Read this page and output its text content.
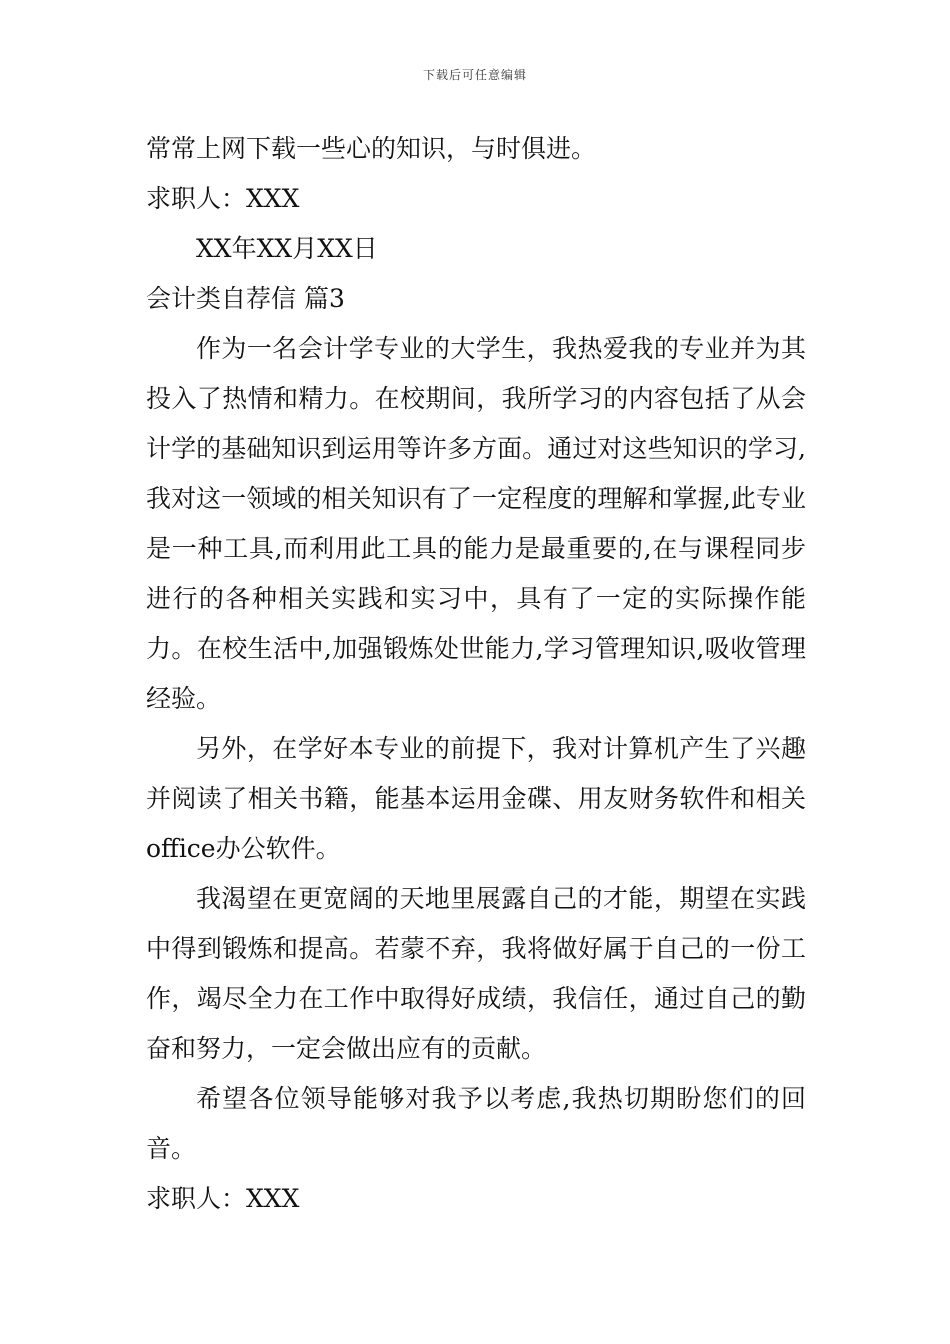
下载后可任意编辑

常常上网下载一些心的知识，与时俱进。

求职人：XXX

XX年XX月XX日

会计类自荐信 篇3

作为一名会计学专业的大学生，我热爱我的专业并为其投入了热情和精力。在校期间，我所学习的内容包括了从会计学的基础知识到运用等许多方面。通过对这些知识的学习,我对这一领域的相关知识有了一定程度的理解和掌握,此专业是一种工具,而利用此工具的能力是最重要的,在与课程同步进行的各种相关实践和实习中，具有了一定的实际操作能力。在校生活中,加强锻炼处世能力,学习管理知识,吸收管理经验。

另外，在学好本专业的前提下，我对计算机产生了兴趣并阅读了相关书籍，能基本运用金碟、用友财务软件和相关office办公软件。

我渴望在更宽阔的天地里展露自己的才能，期望在实践中得到锻炼和提高。若蒙不弃，我将做好属于自己的一份工作，竭尽全力在工作中取得好成绩，我信任，通过自己的勤奋和努力，一定会做出应有的贡献。

希望各位领导能够对我予以考虑,我热切期盼您们的回音。

求职人：XXX
